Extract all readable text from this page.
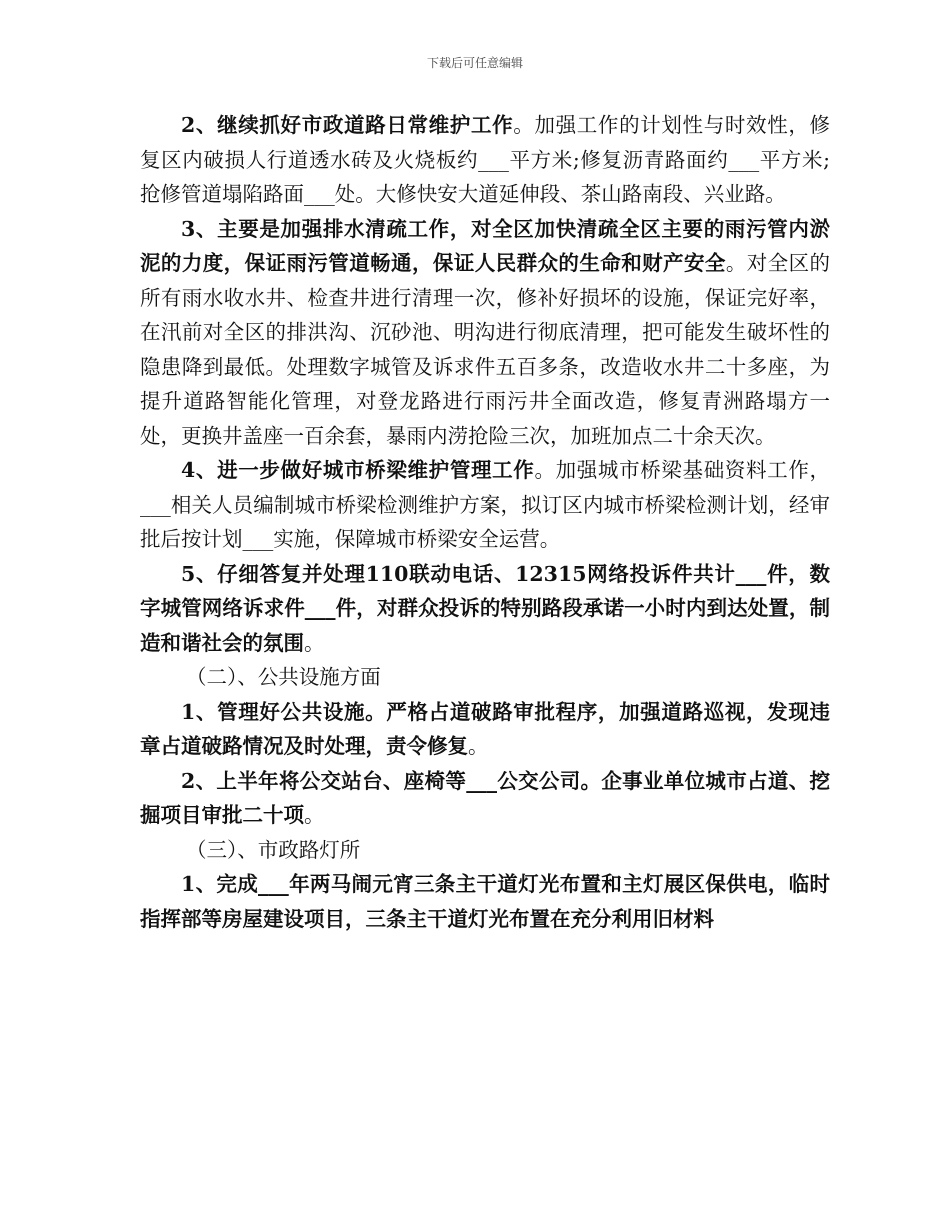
下载后可任意编辑

2、继续抓好市政道路日常维护工作。加强工作的计划性与时效性，修复区内破损人行道透水砖及火烧板约___平方米;修复沥青路面约___平方米;抢修管道塌陷路面___处。大修快安大道延伸段、茶山路南段、兴业路。

3、主要是加强排水清疏工作，对全区加快清疏全区主要的雨污管内淤泥的力度，保证雨污管道畅通，保证人民群众的生命和财产安全。对全区的所有雨水收水井、检查井进行清理一次，修补好损坏的设施，保证完好率，在汛前对全区的排洪沟、沉砂池、明沟进行彻底清理，把可能发生破坏性的隐患降到最低。处理数字城管及诉求件五百多条，改造收水井二十多座，为提升道路智能化管理，对登龙路进行雨污井全面改造，修复青洲路塌方一处，更换井盖座一百余套，暴雨内涝抢险三次，加班加点二十余天次。

4、进一步做好城市桥梁维护管理工作。加强城市桥梁基础资料工作，___相关人员编制城市桥梁检测维护方案，拟订区内城市桥梁检测计划，经审批后按计划___实施，保障城市桥梁安全运营。

5、仔细答复并处理110联动电话、12315网络投诉件共计___件，数字城管网络诉求件___件，对群众投诉的特别路段承诺一小时内到达处置，制造和谐社会的氛围。

（二）、公共设施方面

1、管理好公共设施。严格占道破路审批程序，加强道路巡视，发现违章占道破路情况及时处理，责令修复。

2、上半年将公交站台、座椅等___公交公司。企事业单位城市占道、挖掘项目审批二十项。

（三）、市政路灯所

1、完成___年两马闹元宵三条主干道灯光布置和主灯展区保供电，临时指挥部等房屋建设项目，三条主干道灯光布置在充分利用旧材料
